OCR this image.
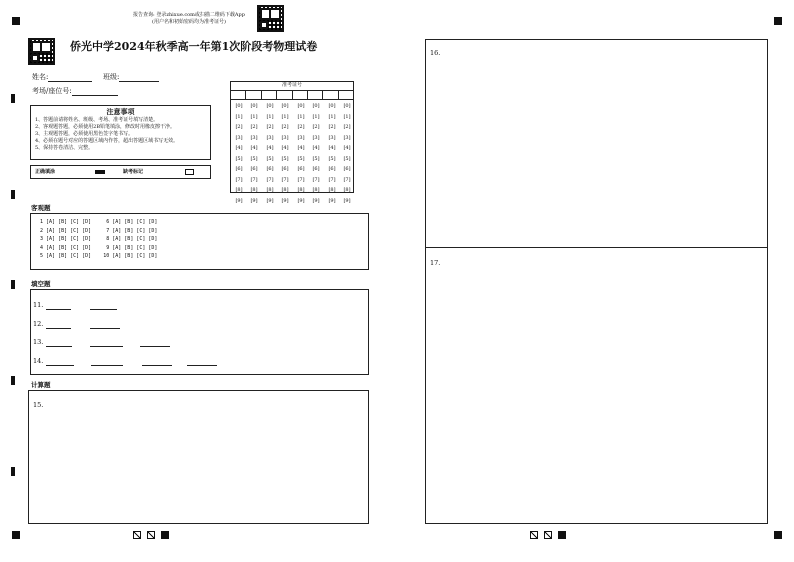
报告查询: 登录zhixue.com或扫描二维码下载App
(用户名和初始密码均为准考证号)
侨光中学2024年秋季高一年第1次阶段考物理试卷
姓名:	班级:
考场/座位号:
注意事项
1、答题前请将姓名、班级、考场、准考证号填写清楚。
2、客观题答题，必须使用2B铅笔填涂，修改时用橡皮擦干净。
3、主观题答题，必须使用黑色签字笔书写。
4、必须在题号对应的答题区域内作答，超出答题区域书写无效。
5、保持答卷清洁、完整。
正确填涂	缺考标记
准考证号
[0]
[1]
[2]
[3]
[4]
[5]
[6]
[7]
[8]
[9]
[0]
[1]
[2]
[3]
[4]
[5]
[6]
[7]
[8]
[9]
[0]
[1]
[2]
[3]
[4]
[5]
[6]
[7]
[8]
[9]
[0]
[1]
[2]
[3]
[4]
[5]
[6]
[7]
[8]
[9]
[0]
[1]
[2]
[3]
[4]
[5]
[6]
[7]
[8]
[9]
[0]
[1]
[2]
[3]
[4]
[5]
[6]
[7]
[8]
[9]
[0]
[1]
[2]
[3]
[4]
[5]
[6]
[7]
[8]
[9]
[0]
[1]
[2]
[3]
[4]
[5]
[6]
[7]
[8]
[9]
客观题
1 [A] [B] [C] [D]     6 [A] [B] [C] [D]
2 [A] [B] [C] [D]     7 [A] [B] [C] [D]
3 [A] [B] [C] [D]     8 [A] [B] [C] [D]
4 [A] [B] [C] [D]     9 [A] [B] [C] [D]
5 [A] [B] [C] [D]    10 [A] [B] [C] [D]
填空题
11.
12.
13.
14.
计算题
15.
16.
17.
